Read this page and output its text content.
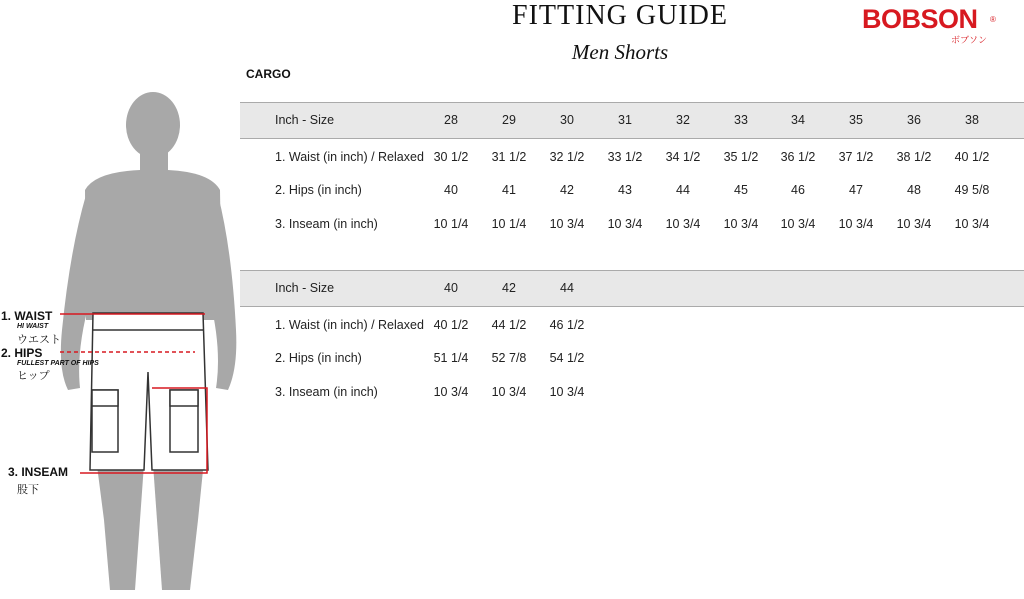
FITTING GUIDE
Men Shorts
BOBSON ®
ボブソン
CARGO
Inch - Size	28	29	30	31	32	33	34	35	36	38
1. Waist (in inch) / Relaxed 30 1/2	31 1/2	32 1/2	33 1/2	34 1/2	35 1/2	36 1/2	37 1/2	38 1/2	40 1/2
2. Hips (in inch)	40	41	42	43	44	45	46	47	48	49 5/8
3. Inseam (in inch)	10 1/4	10 1/4	10 3/4	10 3/4	10 3/4	10 3/4	10 3/4	10 3/4	10 3/4	10 3/4
Inch - Size	40	42	44
1. Waist (in inch) / Relaxed 40 1/2	44 1/2	46 1/2
2. Hips (in inch)	51 1/4	52 7/8	54 1/2
3. Inseam (in inch)	10 3/4	10 3/4	10 3/4
1. WAIST
HI WAIST
ウエスト
2. HIPS
FULLEST PART OF HIPS
ヒップ
3. INSEAM
股下
